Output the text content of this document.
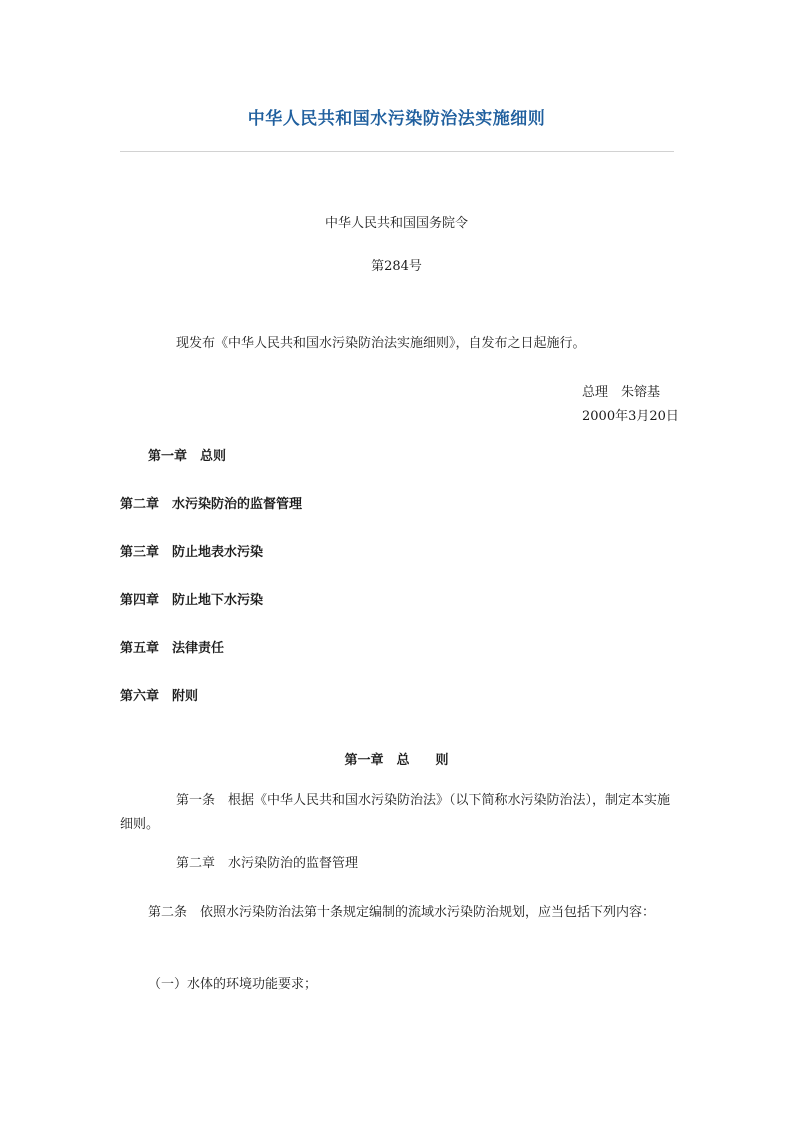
中华人民共和国水污染防治法实施细则
中华人民共和国国务院令
第284号
现发布《中华人民共和国水污染防治法实施细则》，自发布之日起施行。
总理　朱镕基
2000年3月20日
第一章　总则
第二章　水污染防治的监督管理
第三章　防止地表水污染
第四章　防止地下水污染
第五章　法律责任
第六章　附则
第一章　总　　则
第一条　根据《中华人民共和国水污染防治法》（以下简称水污染防治法），制定本实施细则。
第二章　水污染防治的监督管理
第二条　依照水污染防治法第十条规定编制的流域水污染防治规划，应当包括下列内容：
（一）水体的环境功能要求；
